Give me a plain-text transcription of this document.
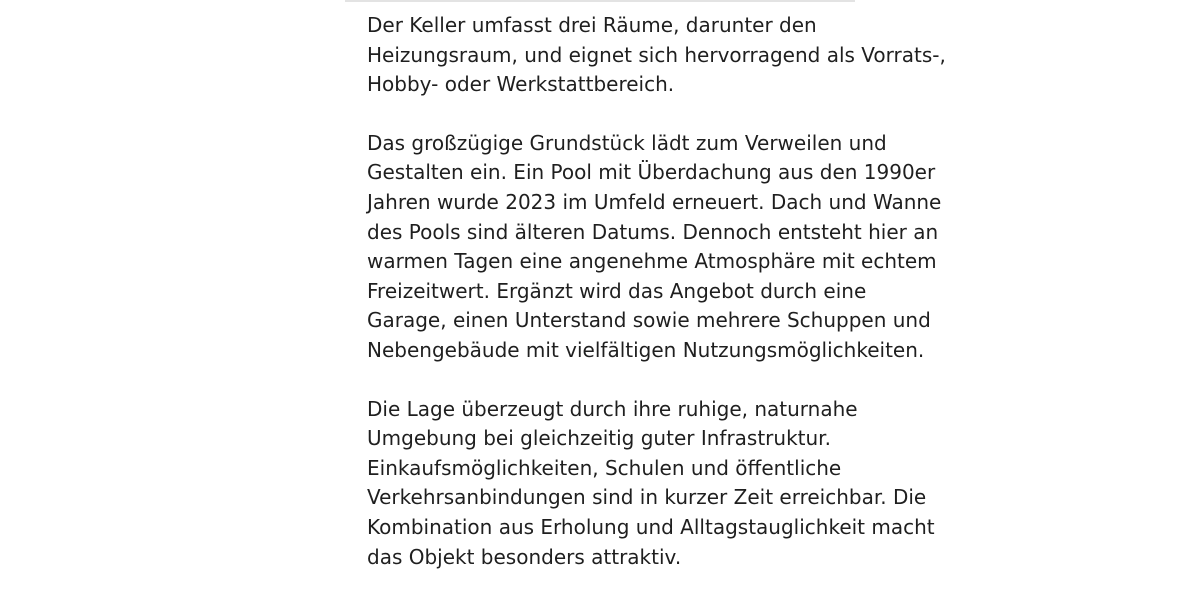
Der Keller umfasst drei Räume, darunter den
Heizungsraum, und eignet sich hervorragend als Vorrats-,
Hobby- oder Werkstattbereich.

Das großzügige Grundstück lädt zum Verweilen und
Gestalten ein. Ein Pool mit Überdachung aus den 1990er
Jahren wurde 2023 im Umfeld erneuert. Dach und Wanne
des Pools sind älteren Datums. Dennoch entsteht hier an
warmen Tagen eine angenehme Atmosphäre mit echtem
Freizeitwert. Ergänzt wird das Angebot durch eine
Garage, einen Unterstand sowie mehrere Schuppen und
Nebengebäude mit vielfältigen Nutzungsmöglichkeiten.

Die Lage überzeugt durch ihre ruhige, naturnahe
Umgebung bei gleichzeitig guter Infrastruktur.
Einkaufsmöglichkeiten, Schulen und öffentliche
Verkehrsanbindungen sind in kurzer Zeit erreichbar. Die
Kombination aus Erholung und Alltagstauglichkeit macht
das Objekt besonders attraktiv.
